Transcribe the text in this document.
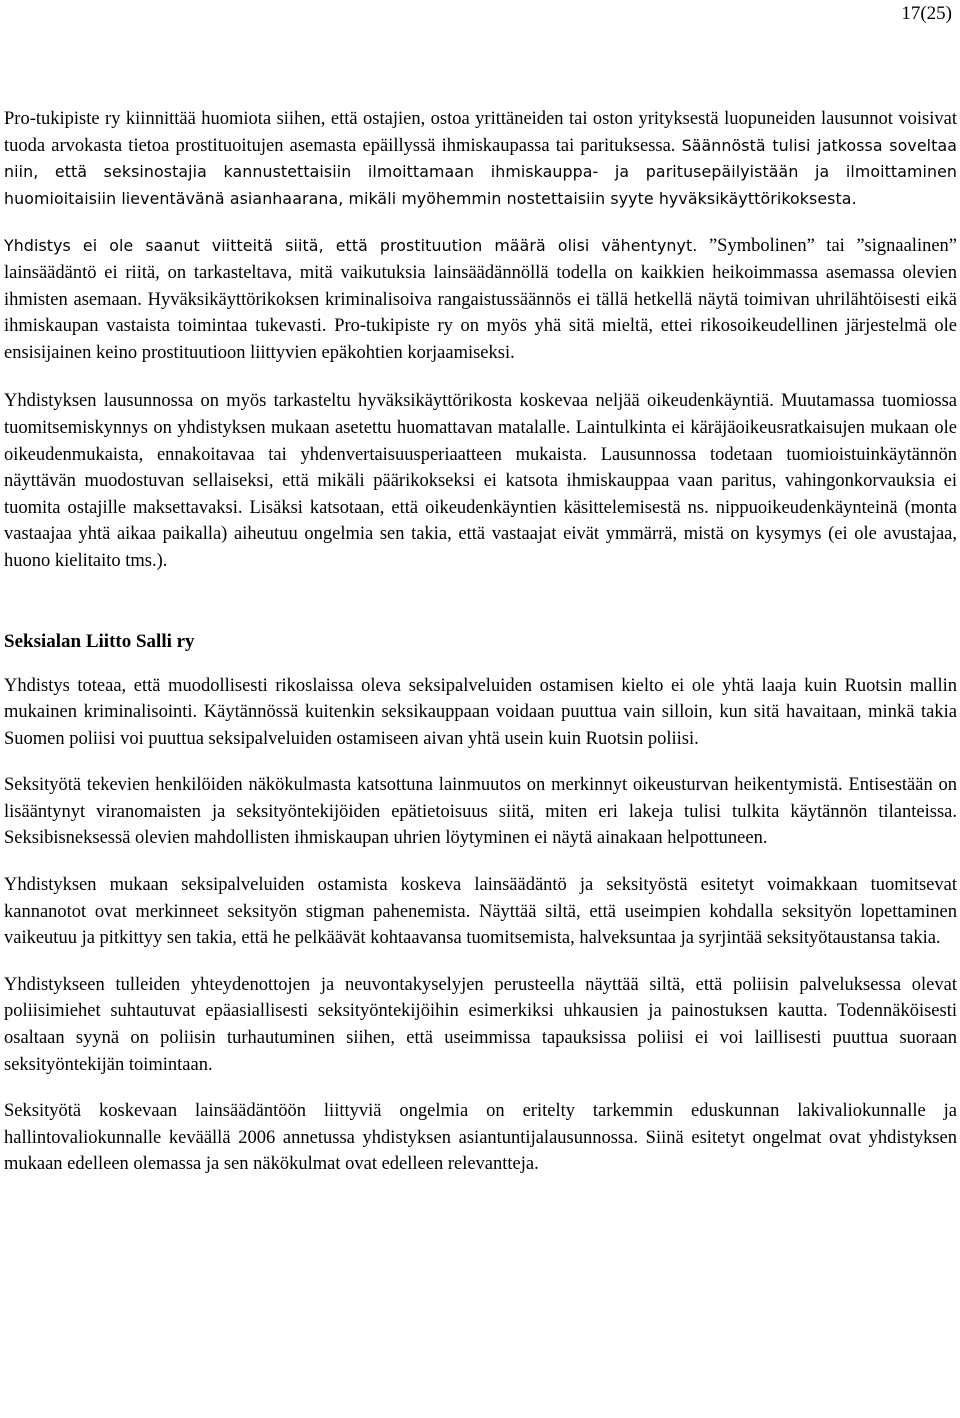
17(25)

Pro-tukipiste ry kiinnittää huomiota siihen, että ostajien, ostoa yrittäneiden tai oston yrityksestä luopuneiden lausunnot voisivat tuoda arvokasta tietoa prostituoitujen asemasta epäillyssä ihmiskaupassa tai parituksessa. Säännöstä tulisi jatkossa soveltaa niin, että seksinostajia kannustettaisiin ilmoittamaan ihmiskauppa- ja paritusepäilyistään ja ilmoittaminen huomioitaisiin lieventävänä asianhaarana, mikäli myöhemmin nostettaisiin syyte hyväksikäyttörikoksesta.

Yhdistys ei ole saanut viitteitä siitä, että prostituution määrä olisi vähentynyt. ”Symbolinen” tai ”signaalinen” lainsäädäntö ei riitä, on tarkasteltava, mitä vaikutuksia lainsäädännöllä todella on kaikkien heikoimmassa asemassa olevien ihmisten asemaan. Hyväksikäyttörikoksen kriminalisoiva rangaistussäännös ei tällä hetkellä näytä toimivan uhrilähtöisesti eikä ihmiskaupan vastaista toimintaa tukevasti. Pro-tukipiste ry on myös yhä sitä mieltä, ettei rikosoikeudellinen järjestelmä ole ensisijainen keino prostituutioon liittyvien epäkohtien korjaamiseksi.

Yhdistyksen lausunnossa on myös tarkasteltu hyväksikäyttörikosta koskevaa neljää oikeudenkäyntiä. Muutamassa tuomiossa tuomitsemiskynnys on yhdistyksen mukaan asetettu huomattavan matalalle. Laintulkinta ei käräjäoikeusratkaisujen mukaan ole oikeudenmukaista, ennakoitavaa tai yhdenvertaisuusperiaatteen mukaista. Lausunnossa todetaan tuomioistuinkäytännön näyttävän muodostuvan sellaiseksi, että mikäli päärikokseksi ei katsota ihmiskauppaa vaan paritus, vahingonkorvauksia ei tuomita ostajille maksettavaksi. Lisäksi katsotaan, että oikeudenkäyntien käsittelemisestä ns. nippuoikeudenkäynteinä (monta vastaajaa yhtä aikaa paikalla) aiheutuu ongelmia sen takia, että vastaajat eivät ymmärrä, mistä on kysymys (ei ole avustajaa, huono kielitaito tms.).

Seksialan Liitto Salli ry

Yhdistys toteaa, että muodollisesti rikoslaissa oleva seksipalveluiden ostamisen kielto ei ole yhtä laaja kuin Ruotsin mallin mukainen kriminalisointi. Käytännössä kuitenkin seksikauppaan voidaan puuttua vain silloin, kun sitä havaitaan, minkä takia Suomen poliisi voi puuttua seksipalveluiden ostamiseen aivan yhtä usein kuin Ruotsin poliisi.

Seksityötä tekevien henkilöiden näkökulmasta katsottuna lainmuutos on merkinnyt oikeusturvan heikentymistä. Entisestään on lisääntynyt viranomaisten ja seksityöntekijöiden epätietoisuus siitä, miten eri lakeja tulisi tulkita käytännön tilanteissa. Seksibisneksessä olevien mahdollisten ihmiskaupan uhrien löytyminen ei näytä ainakaan helpottuneen.

Yhdistyksen mukaan seksipalveluiden ostamista koskeva lainsäädäntö ja seksityöstä esitetyt voimakkaan tuomitsevat kannanotot ovat merkinneet seksityön stigman pahenemista. Näyttää siltä, että useimpien kohdalla seksityön lopettaminen vaikeutuu ja pitkittyy sen takia, että he pelkäävät kohtaavansa tuomitsemista, halveksuntaa ja syrjintää seksityötaustansa takia.

Yhdistykseen tulleiden yhteydenottojen ja neuvontakyselyjen perusteella näyttää siltä, että poliisin palveluksessa olevat poliisimiehet suhtautuvat epäasiallisesti seksityöntekijöihin esimerkiksi uhkausien ja painostuksen kautta. Todennäköisesti osaltaan syynä on poliisin turhautuminen siihen, että useimmissa tapauksissa poliisi ei voi laillisesti puuttua suoraan seksityöntekijän toimintaan.

Seksityötä koskevaan lainsäädäntöön liittyviä ongelmia on eritelty tarkemmin eduskunnan lakivaliokunnalle ja hallintovaliokunnalle keväällä 2006 annetussa yhdistyksen asiantuntijalausunnossa. Siinä esitetyt ongelmat ovat yhdistyksen mukaan edelleen olemassa ja sen näkökulmat ovat edelleen relevantteja.
